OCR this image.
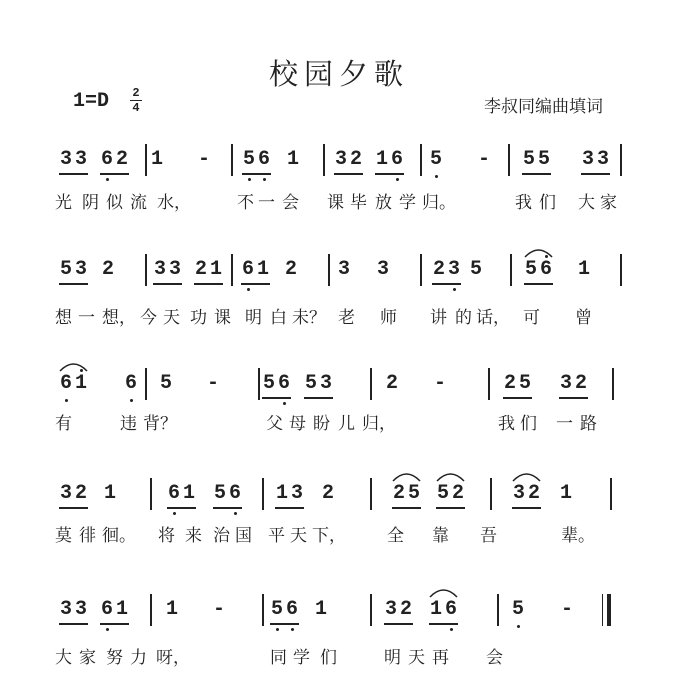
校园夕歌
1=D 2
4	李叔同编曲填词
3 3 6 2 1 - 5 6 1 3 2 1 6 5 - 5 5 3 3
光 阴 似 流 水，	不 一 会 课 毕 放 学 归。	我 们 大 家
5 3 2 3 3 2 1 6 1 2 3 3 2 3 5 5 6 1
想 一 想， 今 天 功 课 明 白 未？ 老 师 讲 的 话， 可 曾
6 1 6 5 - 5 6 5 3	2 -	2 5 3 2
有	违 背？	父 母 盼 儿 归，	我 们 一 路
3 2 1	6 1 5 6 1 3 2	2 5 5 2 3 2 1
莫 徘 徊。 将 来 治 国 平 天 下， 全 靠 吾	辈。
3 3 6 1 1 - 5 6 1	3 2 1 6	5 -
大 家 努 力 呀，	同 学 们	明 天 再 会
